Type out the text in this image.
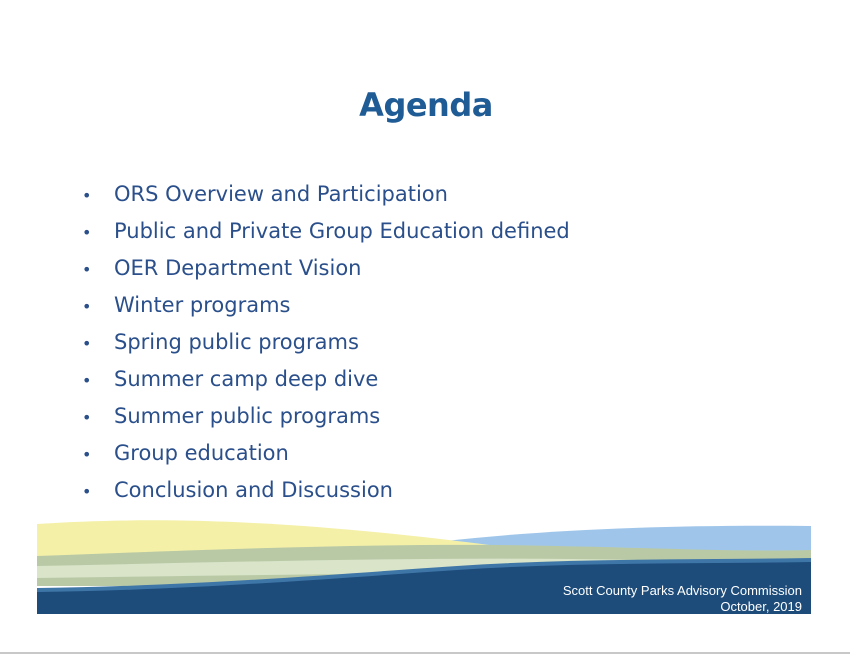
Agenda
• ORS Overview and Participation
• Public and Private Group Education defined
• OER Department Vision
• Winter programs
• Spring public programs
• Summer camp deep dive
• Summer public programs
• Group education
• Conclusion and Discussion
Scott County Parks Advisory Commission
October, 2019
